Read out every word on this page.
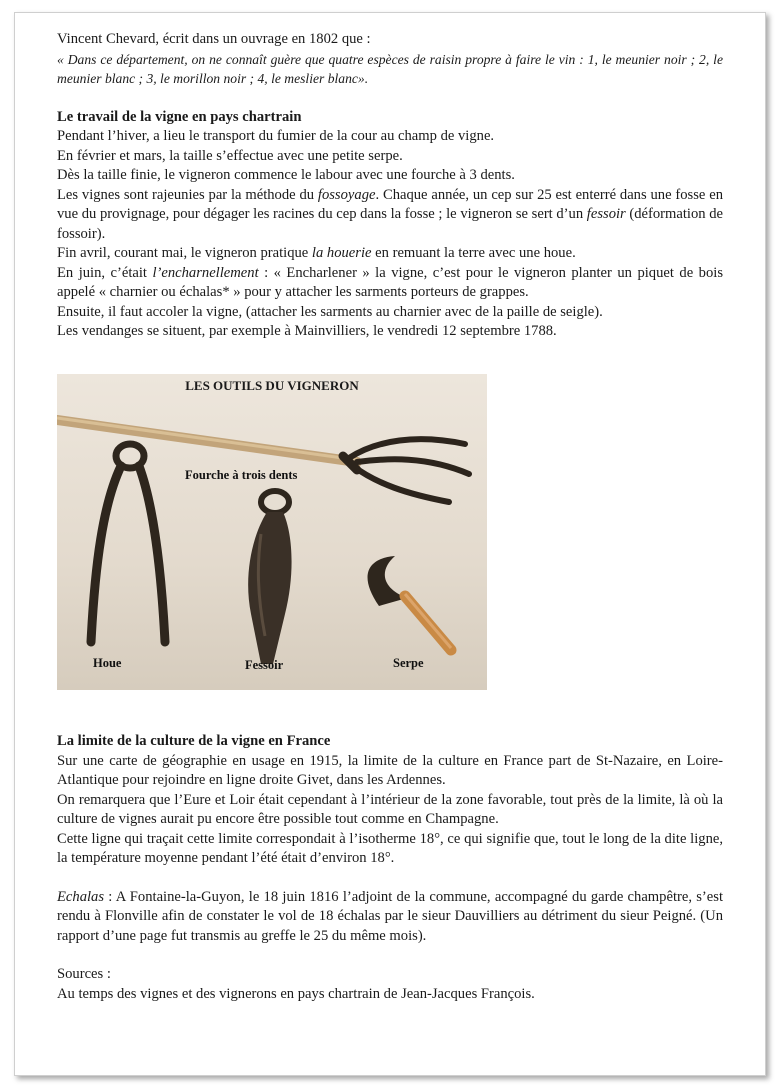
Vincent Chevard, écrit dans un ouvrage en 1802 que :

« Dans ce département, on ne connaît guère que quatre espèces de raisin propre à faire le vin : 1, le meunier noir ; 2, le meunier blanc ; 3, le morillon noir ; 4, le meslier blanc».

Le travail de la vigne en pays chartrain

Pendant l’hiver, a lieu le transport du fumier de la cour au champ de vigne.

En février et mars, la taille s’effectue avec une petite serpe.

Dès la taille finie, le vigneron commence le labour avec une fourche à 3 dents.

Les vignes sont rajeunies par la méthode du fossoyage. Chaque année, un cep sur 25 est enterré dans une fosse en vue du provignage, pour dégager les racines du cep dans la fosse ; le vigneron se sert d’un fessoir (déformation de fossoir).

Fin avril, courant mai, le vigneron pratique la houerie en remuant la terre avec une houe.

En juin, c’était l’encharnellement : « Encharlener » la vigne, c’est pour le vigneron planter un piquet de bois appelé « charnier ou échalas* » pour y attacher les sarments porteurs de grappes.

Ensuite, il faut accoler la vigne, (attacher les sarments au charnier avec de la paille de seigle).

Les vendanges se situent, par exemple à Mainvilliers, le vendredi 12 septembre 1788.

LES OUTILS DU VIGNERON
Fourche à trois dents
Houe	Fessoir	Serpe

La limite de la culture de la vigne en France

Sur une carte de géographie en usage en 1915, la limite de la culture en France part de St-Nazaire, en Loire-Atlantique pour rejoindre en ligne droite Givet, dans les Ardennes.

On remarquera que l’Eure et Loir était cependant à l’intérieur de la zone favorable, tout près de la limite, là où la culture de vignes aurait pu encore être possible tout comme en Champagne.

Cette ligne qui traçait cette limite correspondait à l’isotherme 18°, ce qui signifie que, tout le long de la dite ligne, la température moyenne pendant l’été était d’environ 18°.

Echalas : A Fontaine-la-Guyon, le 18 juin 1816 l’adjoint de la commune, accompagné du garde champêtre, s’est rendu à Flonville afin de constater le vol de 18 échalas par le sieur Dauvilliers au détriment du sieur Peigné. (Un rapport d’une page fut transmis au greffe le 25 du même mois).

Sources :

Au temps des vignes et des vignerons en pays chartrain de Jean-Jacques François.
